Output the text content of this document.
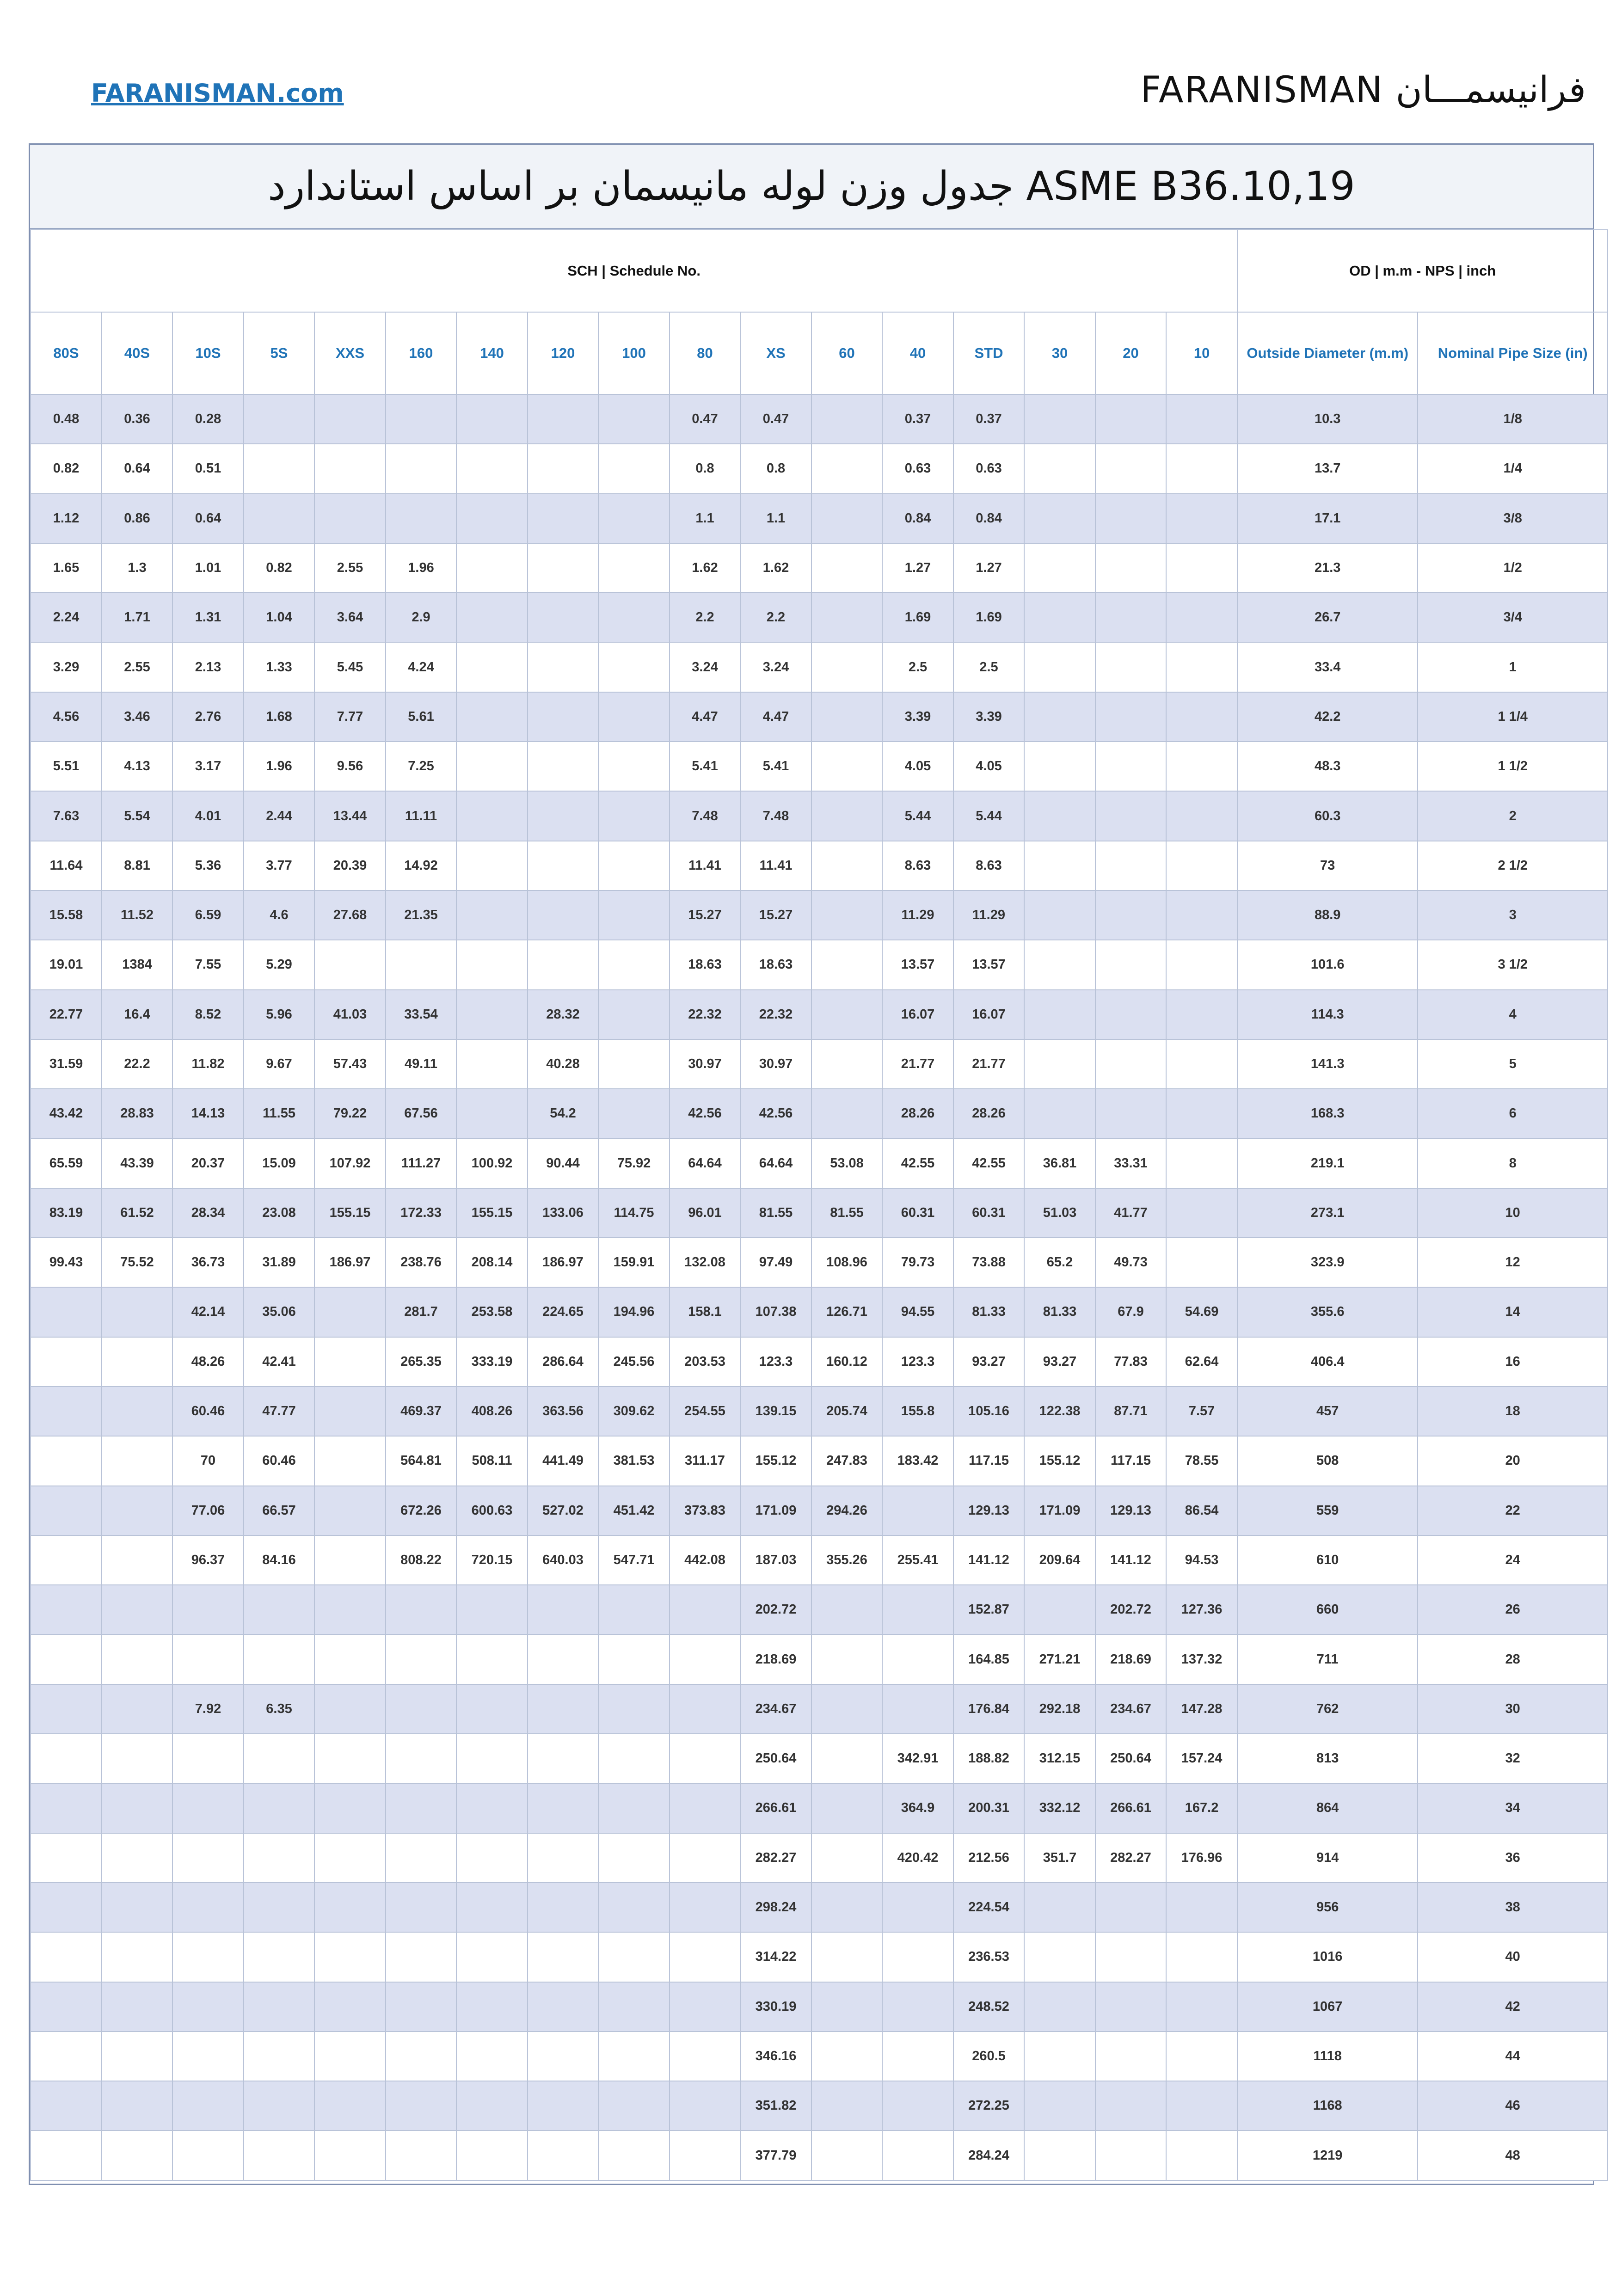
FARANISMAN.com	FARANISMAN فرانیسمـــان
جدول وزن لوله مانیسمان بر اساس استاندارد ASME B36.10,19
SCH | Schedule No.																	OD | m.m - NPS | inch	
80S	40S	10S	5S	XXS	160	140	120	100	80	XS	60	40	STD	30	20	10	Outside Diameter (m.m)	Nominal Pipe Size (in)
0.48	0.36	0.28							0.47	0.47		0.37	0.37				10.3	1/8
0.82	0.64	0.51							0.8	0.8		0.63	0.63				13.7	1/4
1.12	0.86	0.64							1.1	1.1		0.84	0.84				17.1	3/8
1.65	1.3	1.01	0.82	2.55	1.96				1.62	1.62		1.27	1.27				21.3	1/2
2.24	1.71	1.31	1.04	3.64	2.9				2.2	2.2		1.69	1.69				26.7	3/4
3.29	2.55	2.13	1.33	5.45	4.24				3.24	3.24		2.5	2.5				33.4	1
4.56	3.46	2.76	1.68	7.77	5.61				4.47	4.47		3.39	3.39				42.2	1 1/4
5.51	4.13	3.17	1.96	9.56	7.25				5.41	5.41		4.05	4.05				48.3	1 1/2
7.63	5.54	4.01	2.44	13.44	11.11				7.48	7.48		5.44	5.44				60.3	2
11.64	8.81	5.36	3.77	20.39	14.92				11.41	11.41		8.63	8.63				73	2 1/2
15.58	11.52	6.59	4.6	27.68	21.35				15.27	15.27		11.29	11.29				88.9	3
19.01	1384	7.55	5.29						18.63	18.63		13.57	13.57				101.6	3 1/2
22.77	16.4	8.52	5.96	41.03	33.54		28.32		22.32	22.32		16.07	16.07				114.3	4
31.59	22.2	11.82	9.67	57.43	49.11		40.28		30.97	30.97		21.77	21.77				141.3	5
43.42	28.83	14.13	11.55	79.22	67.56		54.2		42.56	42.56		28.26	28.26				168.3	6
65.59	43.39	20.37	15.09	107.92	111.27	100.92	90.44	75.92	64.64	64.64	53.08	42.55	42.55	36.81	33.31		219.1	8
83.19	61.52	28.34	23.08	155.15	172.33	155.15	133.06	114.75	96.01	81.55	81.55	60.31	60.31	51.03	41.77		273.1	10
99.43	75.52	36.73	31.89	186.97	238.76	208.14	186.97	159.91	132.08	97.49	108.96	79.73	73.88	65.2	49.73		323.9	12
		42.14	35.06		281.7	253.58	224.65	194.96	158.1	107.38	126.71	94.55	81.33	81.33	67.9	54.69	355.6	14
		48.26	42.41		265.35	333.19	286.64	245.56	203.53	123.3	160.12	123.3	93.27	93.27	77.83	62.64	406.4	16
		60.46	47.77		469.37	408.26	363.56	309.62	254.55	139.15	205.74	155.8	105.16	122.38	87.71	7.57	457	18
		70	60.46		564.81	508.11	441.49	381.53	311.17	155.12	247.83	183.42	117.15	155.12	117.15	78.55	508	20
		77.06	66.57		672.26	600.63	527.02	451.42	373.83	171.09	294.26		129.13	171.09	129.13	86.54	559	22
		96.37	84.16		808.22	720.15	640.03	547.71	442.08	187.03	355.26	255.41	141.12	209.64	141.12	94.53	610	24
										202.72			152.87		202.72	127.36	660	26
										218.69			164.85	271.21	218.69	137.32	711	28
		7.92	6.35							234.67			176.84	292.18	234.67	147.28	762	30
										250.64		342.91	188.82	312.15	250.64	157.24	813	32
										266.61		364.9	200.31	332.12	266.61	167.2	864	34
										282.27		420.42	212.56	351.7	282.27	176.96	914	36
										298.24			224.54				956	38
										314.22			236.53				1016	40
										330.19			248.52				1067	42
										346.16			260.5				1118	44
										351.82			272.25				1168	46
										377.79			284.24				1219	48
